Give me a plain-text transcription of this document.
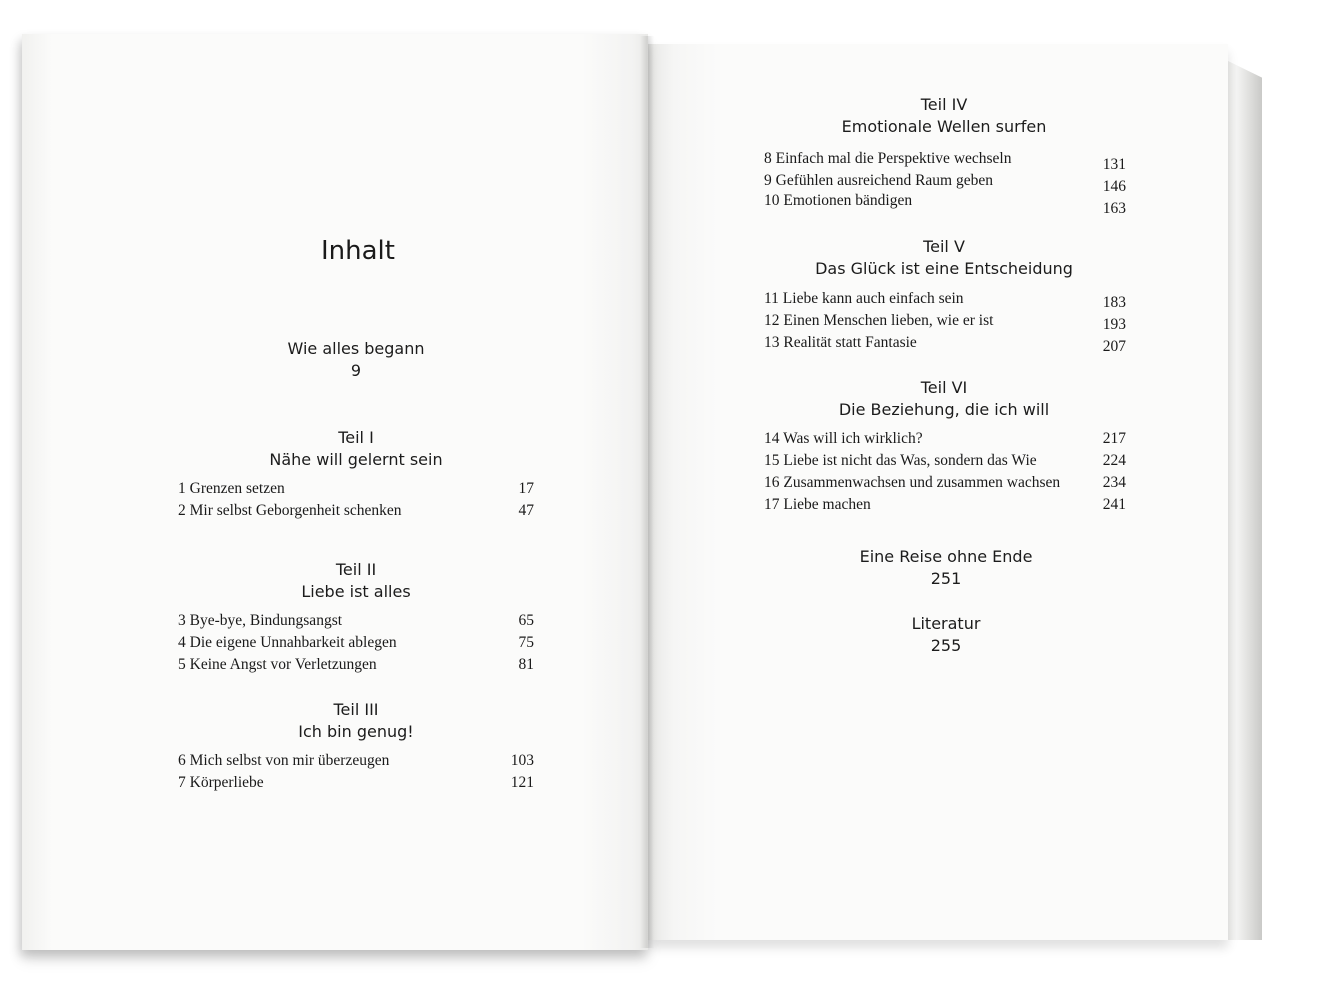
Inhalt
Wie alles begann
9
Teil I
Nähe will gelernt sein
1 Grenzen setzen	17
2 Mir selbst Geborgenheit schenken	47
Teil II
Liebe ist alles
3 Bye-bye, Bindungsangst	65
4 Die eigene Unnahbarkeit ablegen	75
5 Keine Angst vor Verletzungen	81
Teil III
Ich bin genug!
6 Mich selbst von mir überzeugen	103
7 Körperliebe	121
Teil IV
Emotionale Wellen surfen
8 Einfach mal die Perspektive wechseln	131
9 Gefühlen ausreichend Raum geben	146
10 Emotionen bändigen	163
Teil V
Das Glück ist eine Entscheidung
11 Liebe kann auch einfach sein	183
12 Einen Menschen lieben, wie er ist	193
13 Realität statt Fantasie	207
Teil VI
Die Beziehung, die ich will
14 Was will ich wirklich?	217
15 Liebe ist nicht das Was, sondern das Wie	224
16 Zusammenwachsen und zusammen wachsen	234
17 Liebe machen	241
Eine Reise ohne Ende
251
Literatur
255
